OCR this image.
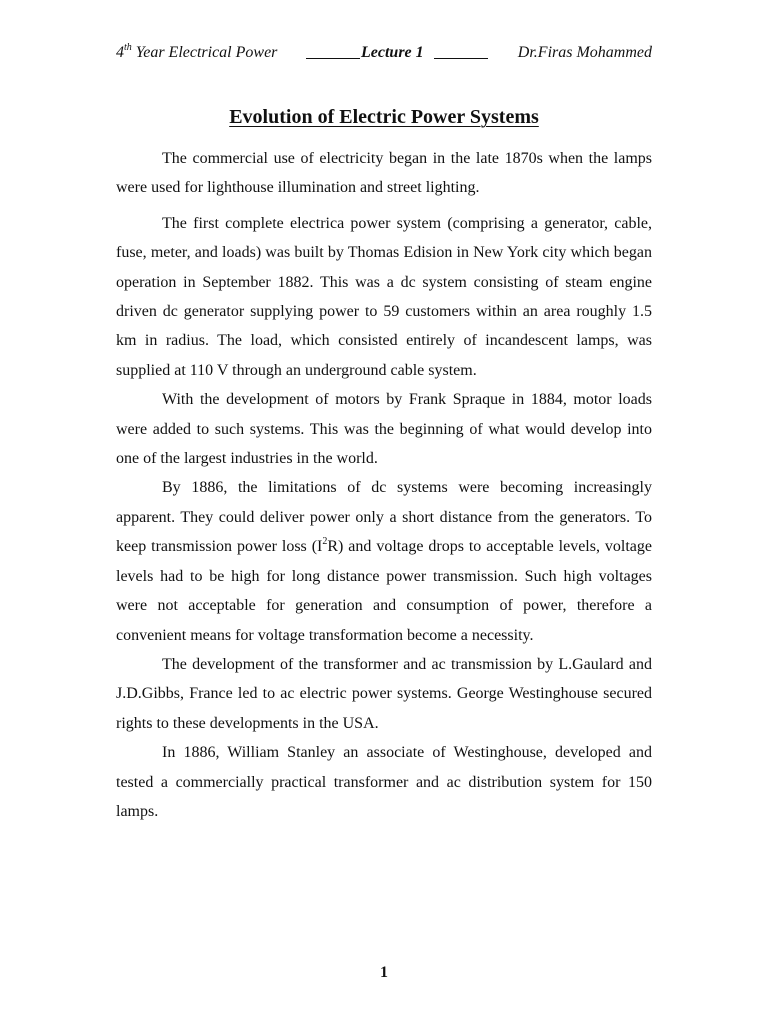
4th Year Electrical Power	Lecture 1	Dr.Firas Mohammed
Evolution of Electric Power Systems

The commercial use of electricity began in the late 1870s when the lamps were used for lighthouse illumination and street lighting.

The first complete electrica power system (comprising a generator, cable, fuse, meter, and loads) was built by Thomas Edision in New York city which began operation in September 1882. This was a dc system consisting of steam engine driven dc generator supplying power to 59 customers within an area roughly 1.5 km in radius. The load, which consisted entirely of incandescent lamps, was supplied at 110 V through an underground cable system.

With the development of motors by Frank Spraque in 1884, motor loads were added to such systems. This was the beginning of what would develop into one of the largest industries in the world.

By 1886, the limitations of dc systems were becoming increasingly apparent. They could deliver power only a short distance from the generators. To keep transmission power loss $(I^2R)$ and voltage drops to acceptable levels, voltage levels had to be high for long distance power transmission. Such high voltages were not acceptable for generation and consumption of power, therefore a convenient means for voltage transformation become a necessity.

The development of the transformer and ac transmission by L.Gaulard and J.D.Gibbs, France led to ac electric power systems. George Westinghouse secured rights to these developments in the USA.

In 1886, William Stanley an associate of Westinghouse, developed and tested a commercially practical transformer and ac distribution system for 150 lamps.

1
